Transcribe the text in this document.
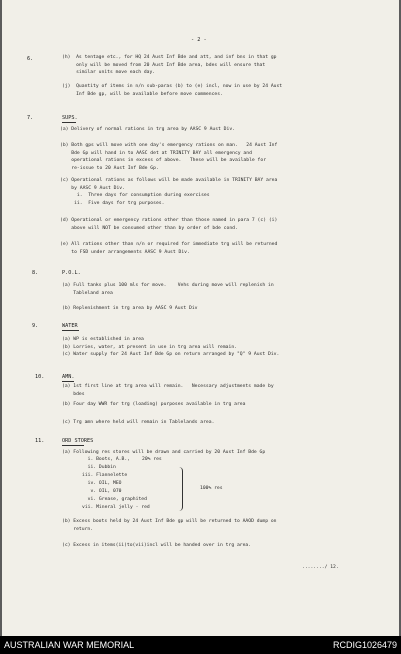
- 2 -
6.
7.	SUPS.
8.	P.O.L.
9.	WATER
10.	AMN.
11.	ORD STORES
20% res
100% res
......../ 12.
(h)  As tentage etc., for HQ 24 Aust Inf Bde and att, and inf bns in that gp
only will be moved from 20 Aust Inf Bde area, bdes will ensure that
similar units move each day.
(j)  Quantity of items in n/n sub-paras (b) to (e) incl, now in use by 24 Aust
Inf Bde gp, will be available before move commences.
(a) Delivery of normal rations in trg area by AASC 9 Aust Div.
(b) Both gps will move with one day's emergency rations on man.   24 Aust Inf
Bde Gp will hand in to AASC det at TRINITY BAY all emergency and
operational rations in excess of above.   These will be available for
re-issue to 20 Aust Inf Bde Gp.
(c) Operational rations as follows will be made available in TRINITY BAY area
by AASC 9 Aust Div.
i.  Three days for consumption during exercises
ii.  Five days for trg purposes.
(d) Operational or emergency rations other than those named in para 7 (c) (i)
above will NOT be consumed other than by order of bde cond.
(e) All rations other than n/n or required for immediate trg will be returned
to FSD under arrangements AASC 9 Aust Div.
(a) Full tanks plus 100 mls for move.    Vehs during move will replenish in
Tableland area
(b) Replenishment in trg area by AASC 9 Aust Div
(a) WP is established in area
(b) Lorries, water, at present in use in trg area will remain.
(c) Water supply for 24 Aust Inf Bde Gp on return arranged by "Q" 9 Aust Div.
(a) 1st first line at trg area will remain.   Necessary adjustments made by
bdes
(b) Four day WWR for trg (loading) purposes available in trg area
(c) Trg amn where held will remain in Tablelands area.
(a) Following res stores will be drawn and carried by 20 Aust Inf Bde Gp
i. Boots, A.B.,
ii. Dubbin
iii. Flannelette
iv. OIL, MEO
v. OIL, 070
vi. Grease, graphited
vii. Mineral jelly - red
(b) Excess boots held by 24 Aust Inf Bde gp will be returned to AAOD dump on
return.
(c) Excess in items(ii)to(vii)incl will be handed over in trg area.
AUSTRALIAN WAR MEMORIAL	RCDIG1026479
